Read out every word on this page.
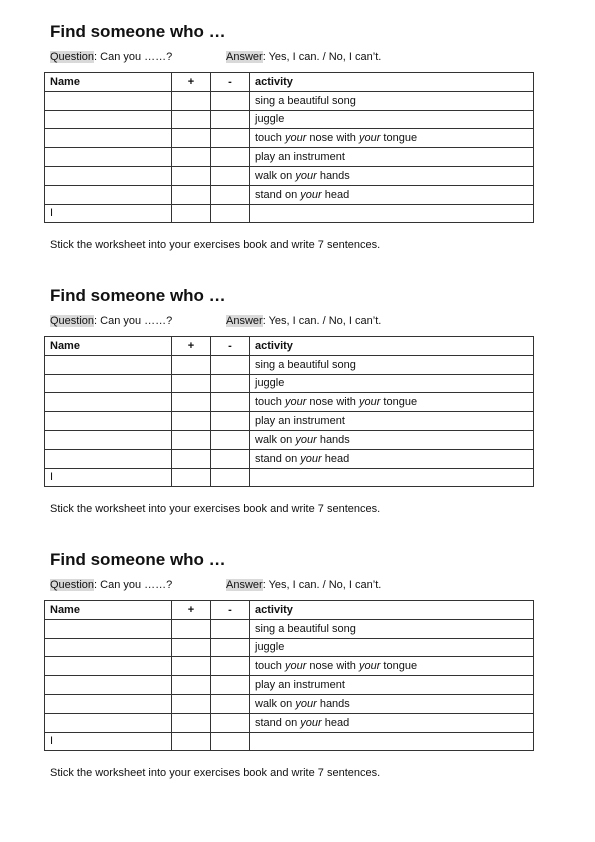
Find someone who …
Question: Can you ……?	Answer: Yes, I can. / No, I can’t.
Name	+	-	activity
			sing a beautiful song
			juggle
			touch your nose with your tongue
			play an instrument
			walk on your hands
			stand on your head
I			
Stick the worksheet into your exercises book and write 7 sentences.
Find someone who …
Question: Can you ……?	Answer: Yes, I can. / No, I can’t.
Name	+	-	activity
			sing a beautiful song
			juggle
			touch your nose with your tongue
			play an instrument
			walk on your hands
			stand on your head
I			
Stick the worksheet into your exercises book and write 7 sentences.
Find someone who …
Question: Can you ……?	Answer: Yes, I can. / No, I can’t.
Name	+	-	activity
			sing a beautiful song
			juggle
			touch your nose with your tongue
			play an instrument
			walk on your hands
			stand on your head
I			
Stick the worksheet into your exercises book and write 7 sentences.
